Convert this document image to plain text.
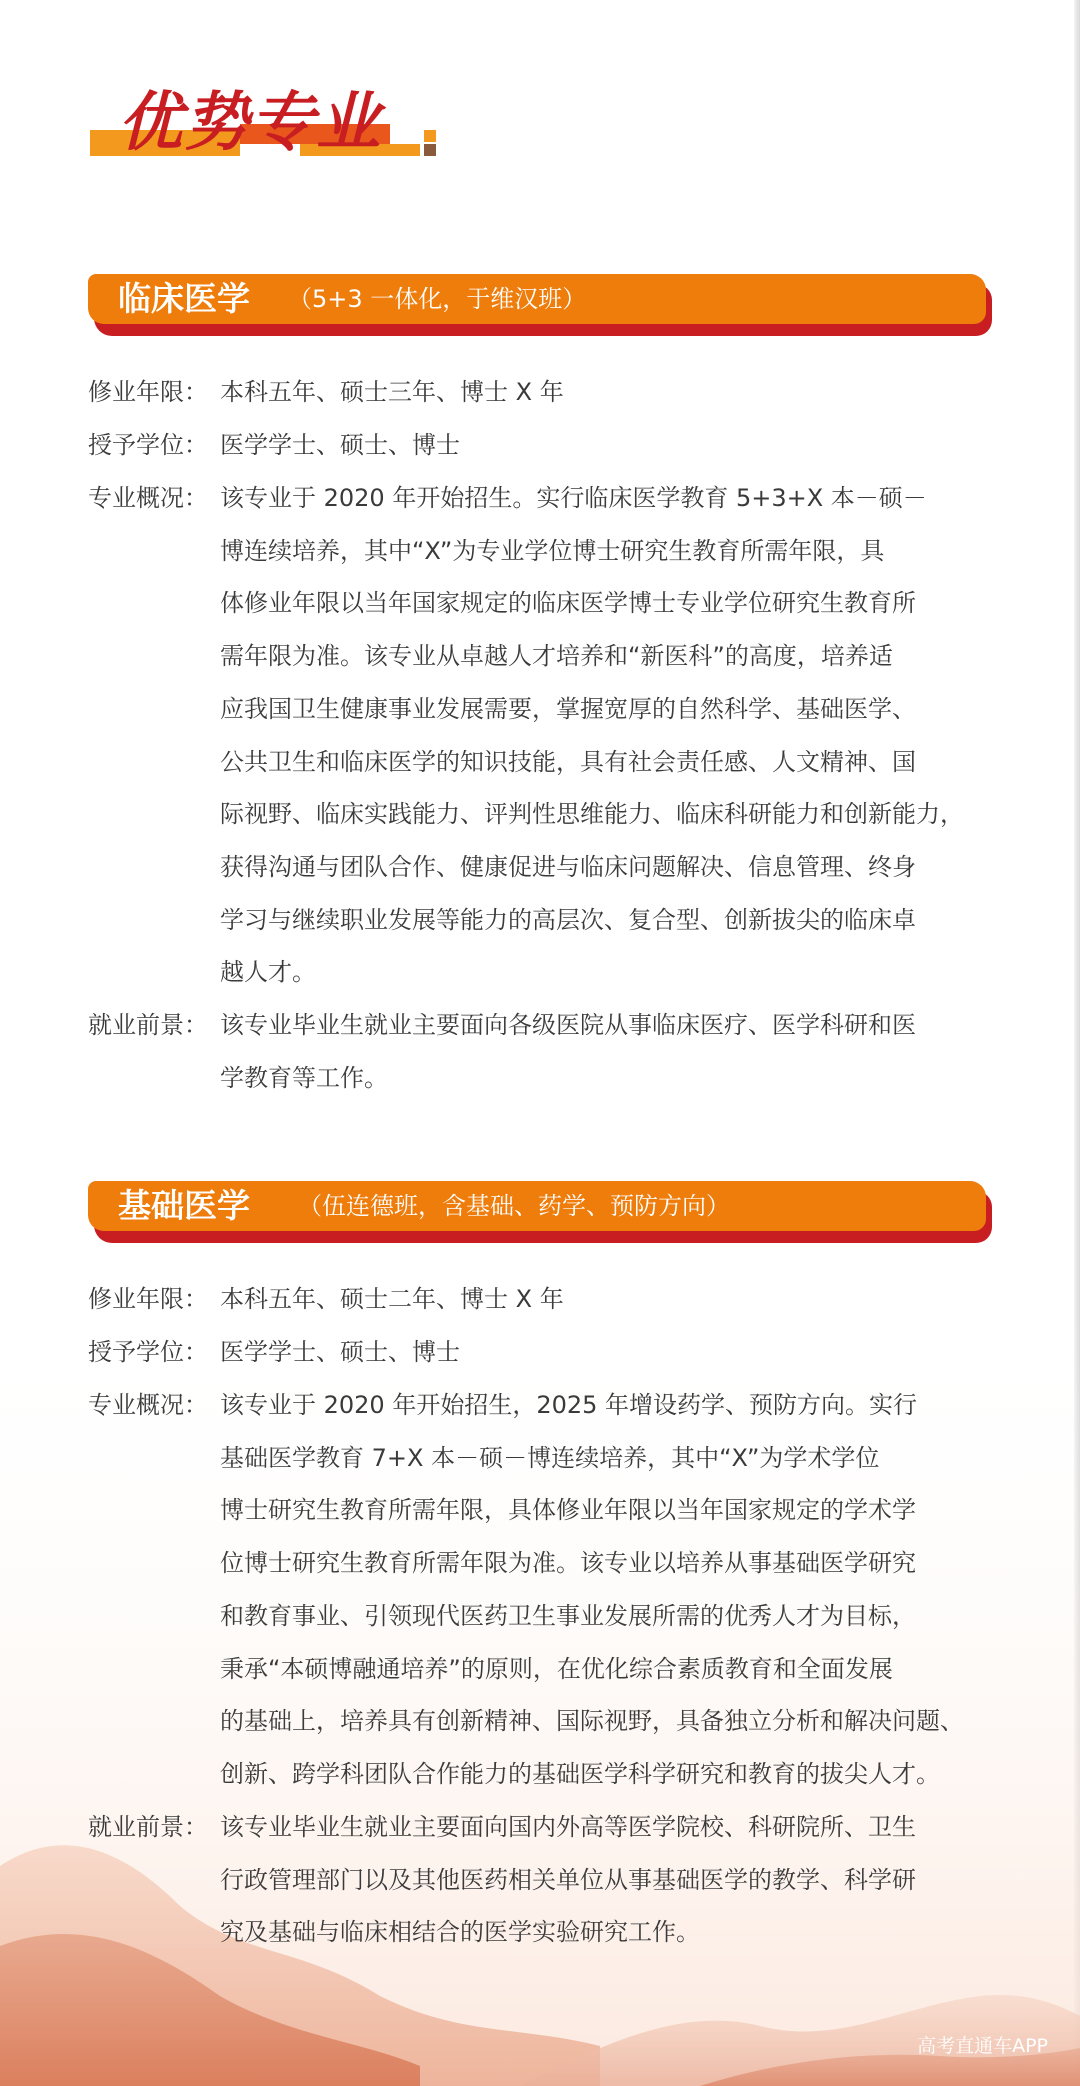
优势专业
临床医学 （5+3 一体化，于维汉班）
修业年限： 本科五年、硕士三年、博士 X 年
授予学位： 医学学士、硕士、博士
专业概况： 该专业于 2020 年开始招生。实行临床医学教育 5+3+X 本－硕－
博连续培养，其中“X”为专业学位博士研究生教育所需年限，具
体修业年限以当年国家规定的临床医学博士专业学位研究生教育所
需年限为准。该专业从卓越人才培养和“新医科”的高度，培养适
应我国卫生健康事业发展需要，掌握宽厚的自然科学、基础医学、
公共卫生和临床医学的知识技能，具有社会责任感、人文精神、国
际视野、临床实践能力、评判性思维能力、临床科研能力和创新能力，
获得沟通与团队合作、健康促进与临床问题解决、信息管理、终身
学习与继续职业发展等能力的高层次、复合型、创新拔尖的临床卓
越人才。
就业前景： 该专业毕业生就业主要面向各级医院从事临床医疗、医学科研和医
学教育等工作。
基础医学 （伍连德班，含基础、药学、预防方向）
修业年限： 本科五年、硕士二年、博士 X 年
授予学位： 医学学士、硕士、博士
专业概况： 该专业于 2020 年开始招生，2025 年增设药学、预防方向。实行
基础医学教育 7+X 本－硕－博连续培养，其中“X”为学术学位
博士研究生教育所需年限，具体修业年限以当年国家规定的学术学
位博士研究生教育所需年限为准。该专业以培养从事基础医学研究
和教育事业、引领现代医药卫生事业发展所需的优秀人才为目标，
秉承“本硕博融通培养”的原则，在优化综合素质教育和全面发展
的基础上，培养具有创新精神、国际视野，具备独立分析和解决问题、
创新、跨学科团队合作能力的基础医学科学研究和教育的拔尖人才。
就业前景： 该专业毕业生就业主要面向国内外高等医学院校、科研院所、卫生
行政管理部门以及其他医药相关单位从事基础医学的教学、科学研
究及基础与临床相结合的医学实验研究工作。
高考直通车APP
